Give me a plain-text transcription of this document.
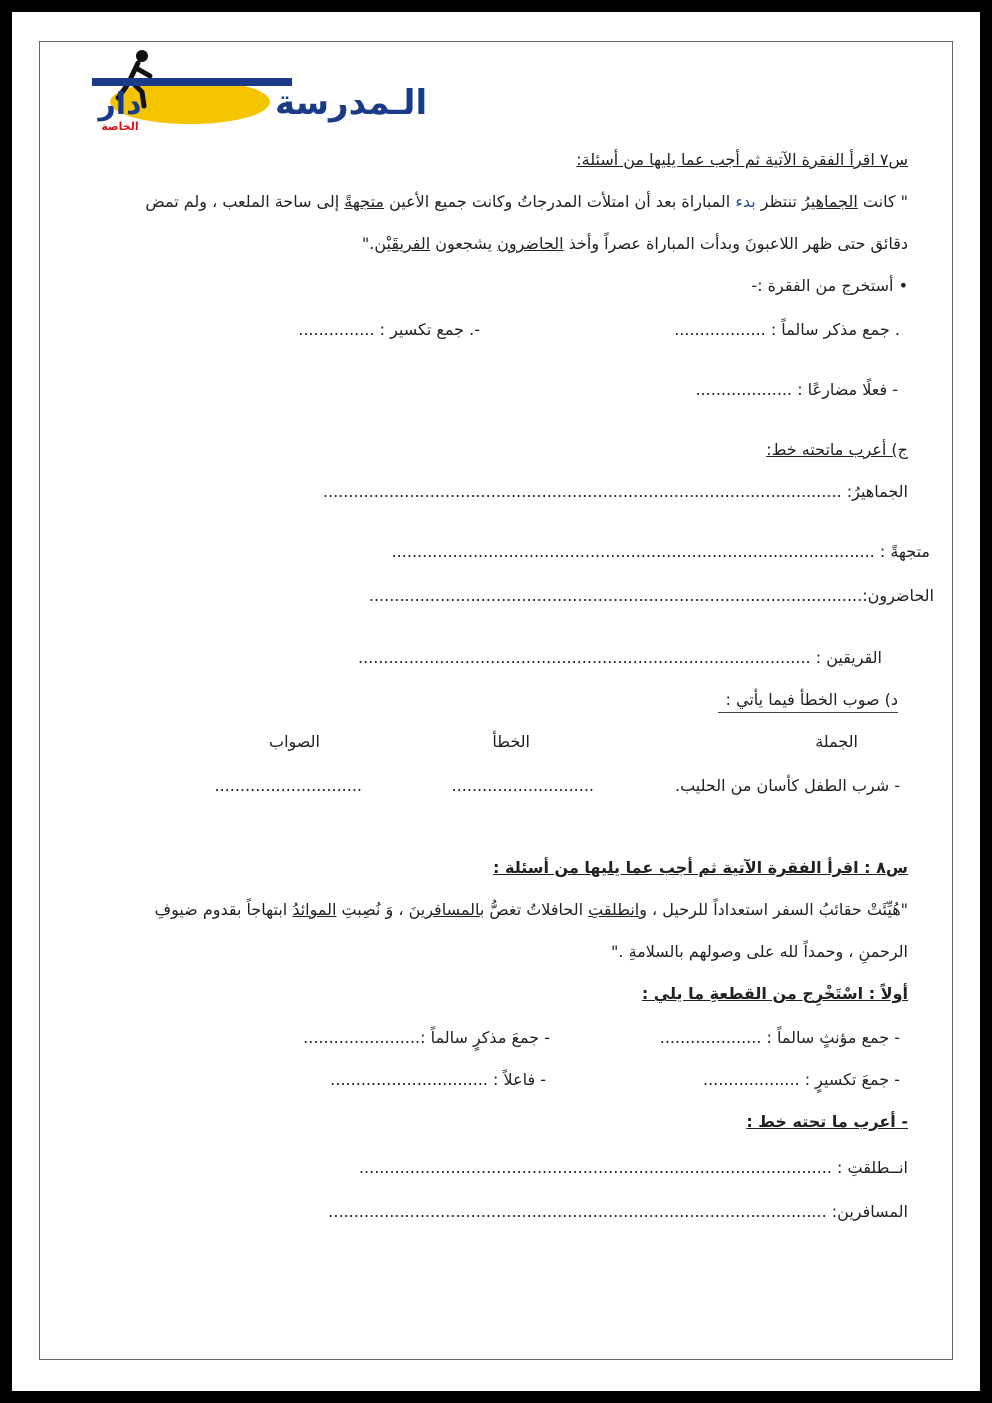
الـمدرسة
دار
الخاصة
س٧ اقرأ الفقرة الآتية ثم أجب عما يليها من أسئلة:
" كانت الجماهيرُ تنتظر بدء المباراة بعد أن امتلأت المدرجاتُ وكانت جميع الأعين متجهةً إلى ساحة الملعب ، ولم تمض
دقائق حتى ظهر اللاعبونَ وبدأت المباراة عصراً وأخذ الحاضرون يشجعون الفريقَيْن."
• أستخرج من الفقرة :-
. جمع مذكر سالماً : ..................
-. جمع تكسير : ...............
- فعلًا مضارعًا : ...................
ج) أعرب ماتحته خط:
الجماهيرُ: ......................................................................................................
متجهةً : ...............................................................................................
الحاضرون:.................................................................................................
القريقين : .........................................................................................
د) صوب الخطأ فيما يأتي :
الجملة
الخطأ
الصواب
- شرب الطفل كأسان من الحليب.
............................
.............................
س٨ : اقرأ الفقرة الآتية ثم أجب عما يليها من أسئلة :
"هُيِّئَتْ حقائبُ السفر استعداداً للرحيل ، وانطلقتِ الحافلاتُ تغصُّ بالمسافرينَ ، وَ نُصِبتِ الموائدُ ابتهاجاً بقدوم ضيوفِ
الرحمنِ ، وحمداً لله على وصولهم بالسلامةِ ."
أولاً : اسْتَخْرِج من القطعةِ ما يلي :
- جمع مؤنثٍ سالماً : ....................
- جمعَ مذكرٍ سالماً :.......................
- جمعَ تكسيرٍ : ...................
- فاعلاً : ...............................
- أعرب ما تحته خط :
انــطلقتِ : .............................................................................................
المسافرين: ..................................................................................................
